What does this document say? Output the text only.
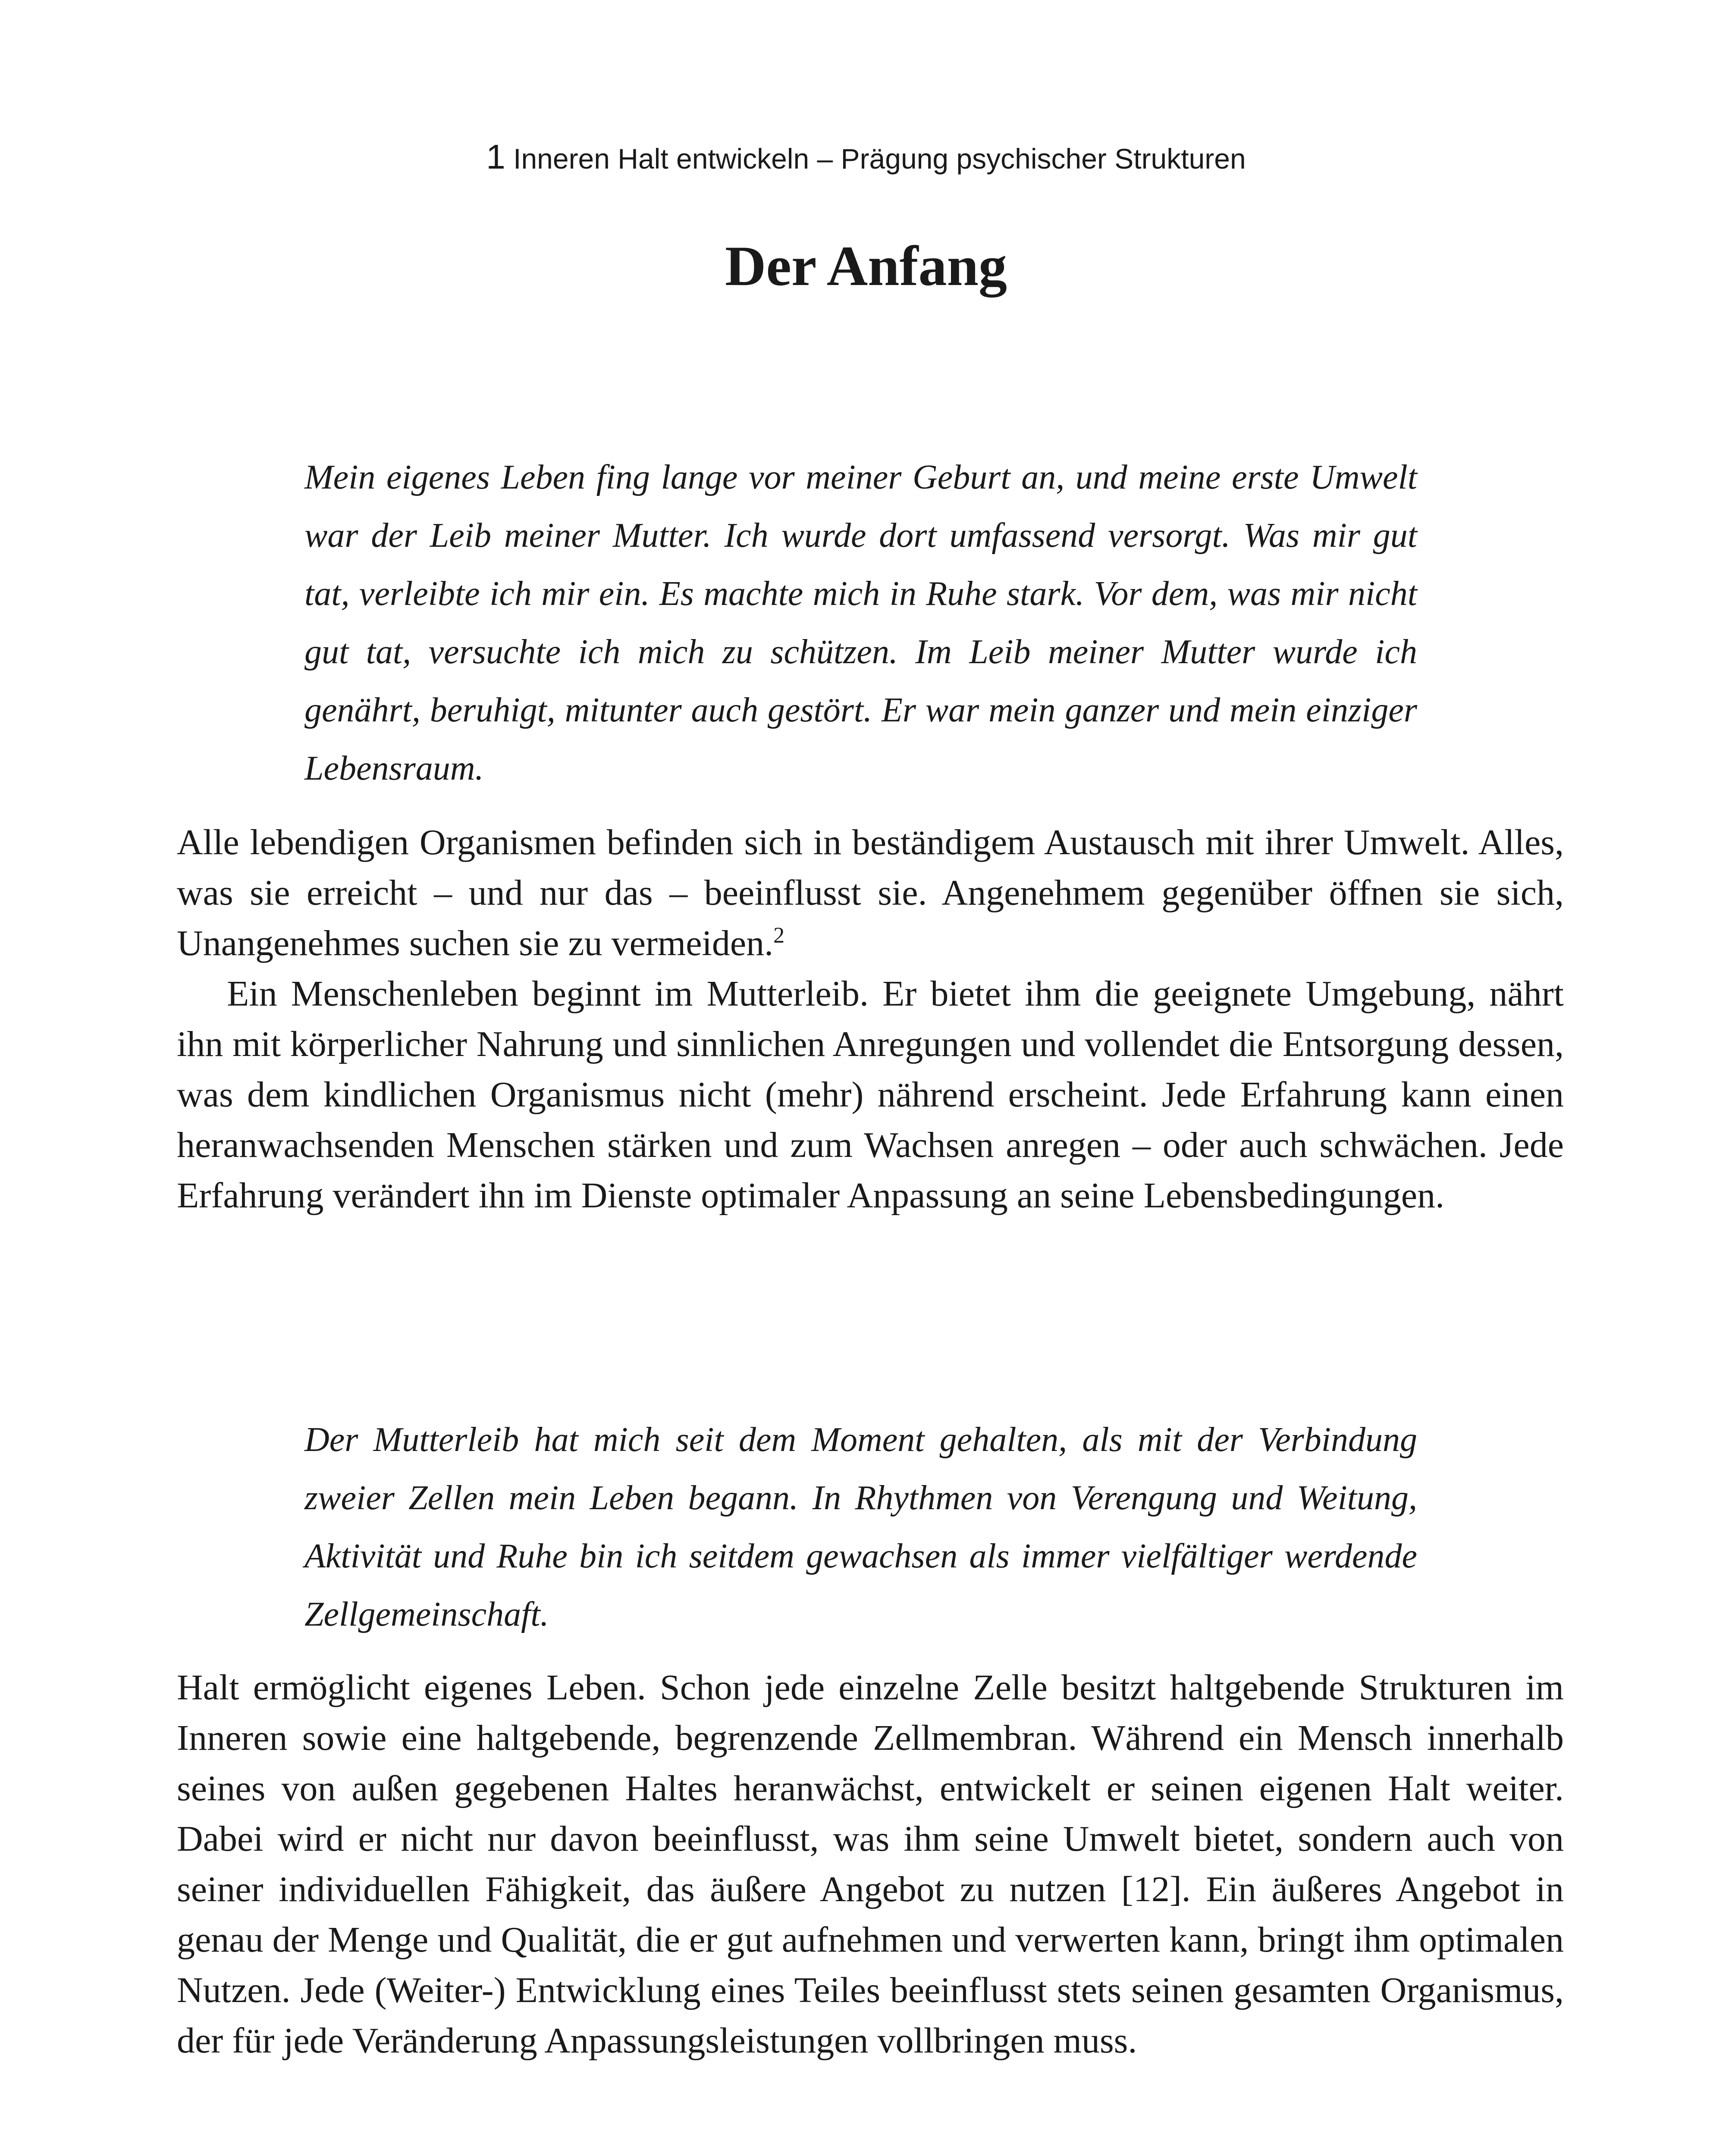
1 Inneren Halt entwickeln – Prägung psychischer Strukturen
Der Anfang

Mein eigenes Leben fing lange vor meiner Geburt an, und meine erste Umwelt war der Leib meiner Mutter. Ich wurde dort umfassend versorgt. Was mir gut tat, verleibte ich mir ein. Es machte mich in Ruhe stark. Vor dem, was mir nicht gut tat, versuchte ich mich zu schützen. Im Leib meiner Mutter wurde ich genährt, beruhigt, mitunter auch gestört. Er war mein ganzer und mein einziger Lebensraum.

Alle lebendigen Organismen befinden sich in beständigem Austausch mit ihrer Umwelt. Alles, was sie erreicht – und nur das – beeinflusst sie. Angenehmem gegenüber öffnen sie sich, Unangenehmes suchen sie zu vermeiden.$^2$

Ein Menschenleben beginnt im Mutterleib. Er bietet ihm die geeignete Umgebung, nährt ihn mit körperlicher Nahrung und sinnlichen Anregungen und vollendet die Entsorgung dessen, was dem kindlichen Organismus nicht (mehr) nährend erscheint. Jede Erfahrung kann einen heranwachsenden Menschen stärken und zum Wachsen anregen – oder auch schwächen. Jede Erfahrung verändert ihn im Dienste optimaler Anpassung an seine Lebensbedingungen.

Der Mutterleib hat mich seit dem Moment gehalten, als mit der Verbindung zweier Zellen mein Leben begann. In Rhythmen von Verengung und Weitung, Aktivität und Ruhe bin ich seitdem gewachsen als immer vielfältiger werdende Zellgemeinschaft.

Halt ermöglicht eigenes Leben. Schon jede einzelne Zelle besitzt haltgebende Strukturen im Inneren sowie eine haltgebende, begrenzende Zellmembran. Während ein Mensch innerhalb seines von außen gegebenen Haltes heranwächst, entwickelt er seinen eigenen Halt weiter. Dabei wird er nicht nur davon beeinflusst, was ihm seine Umwelt bietet, sondern auch von seiner individuellen Fähigkeit, das äußere Angebot zu nutzen [12]. Ein äußeres Angebot in genau der Menge und Qualität, die er gut aufnehmen und verwerten kann, bringt ihm optimalen Nutzen. Jede (Weiter-) Entwicklung eines Teiles beeinflusst stets seinen gesamten Organismus, der für jede Veränderung Anpassungsleistungen vollbringen muss.
